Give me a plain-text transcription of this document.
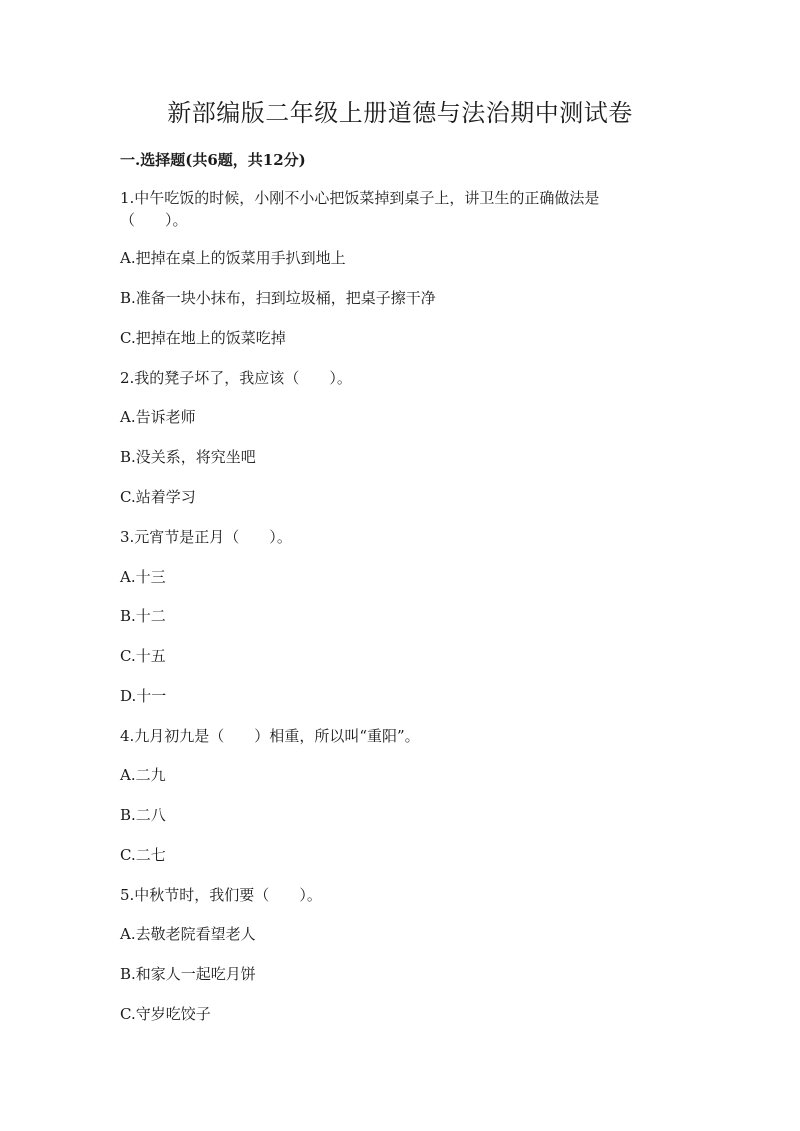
新部编版二年级上册道德与法治期中测试卷
一.选择题(共6题，共12分)
1.中午吃饭的时候，小刚不小心把饭菜掉到桌子上，讲卫生的正确做法是
（　　）。
A.把掉在桌上的饭菜用手扒到地上
B.准备一块小抹布，扫到垃圾桶，把桌子擦干净
C.把掉在地上的饭菜吃掉
2.我的凳子坏了，我应该（　　）。
A.告诉老师
B.没关系，将究坐吧
C.站着学习
3.元宵节是正月（　　）。
A.十三
B.十二
C.十五
D.十一
4.九月初九是（　　）相重，所以叫“重阳”。
A.二九
B.二八
C.二七
5.中秋节时，我们要（　　）。
A.去敬老院看望老人
B.和家人一起吃月饼
C.守岁吃饺子
